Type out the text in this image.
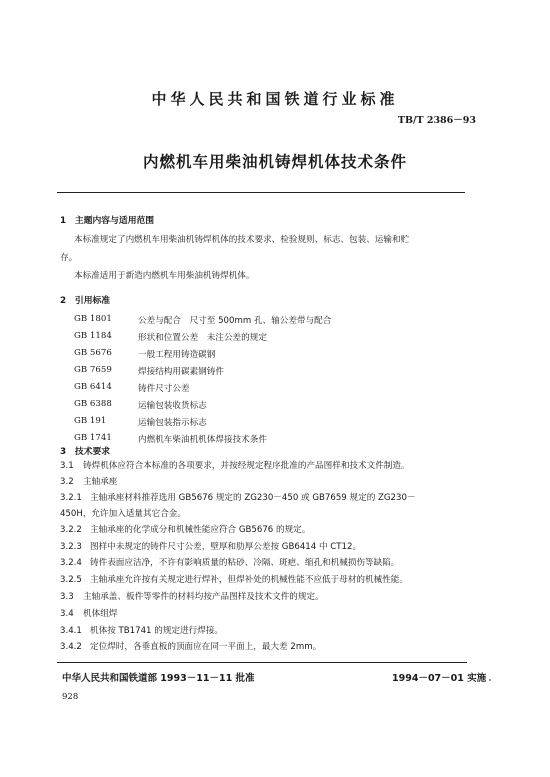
中华人民共和国铁道行业标准
TB/T 2386－93
内燃机车用柴油机铸焊机体技术条件
1　主题内容与适用范围
本标准规定了内燃机车用柴油机铸焊机体的技术要求、检验规则、标志、包装、运输和贮
存。
本标准适用于新造内燃机车用柴油机铸焊机体。
2　引用标准
GB 1801	公差与配合　尺寸至 500mm 孔、轴公差带与配合
GB 1184	形状和位置公差　未注公差的规定
GB 5676	一般工程用铸造碳钢
GB 7659	焊接结构用碳素钢铸件
GB 6414	铸件尺寸公差
GB 6388	运输包装收货标志
GB 191	运输包装指示标志
GB 1741	内燃机车柴油机机体焊接技术条件
3　技术要求
3.1 铸焊机体应符合本标准的各项要求，并按经规定程序批准的产品图样和技术文件制造。
3.2 主轴承座
3.2.1 主轴承座材料推荐选用 GB5676 规定的 ZG230－450 或 GB7659 规定的 ZG230－
450H，允许加入适量其它合金。
3.2.2 主轴承座的化学成分和机械性能应符合 GB5676 的规定。
3.2.3 图样中未规定的铸件尺寸公差，壁厚和肋厚公差按 GB6414 中 CT12。
3.2.4 铸件表面应洁净，不许有影响质量的粘砂、冷隔、斑疤、缩孔和机械损伤等缺陷。
3.2.5 主轴承座允许按有关规定进行焊补，但焊补处的机械性能不应低于母材的机械性能。
3.3 主轴承盖、板件等零件的材料均按产品图样及技术文件的规定。
3.4 机体组焊
3.4.1 机体按 TB1741 的规定进行焊接。
3.4.2 定位焊时，各垂直板的顶面应在同一平面上，最大差 2mm。
中华人民共和国铁道部 1993－11－11 批准	1994－07－01 实施
928
